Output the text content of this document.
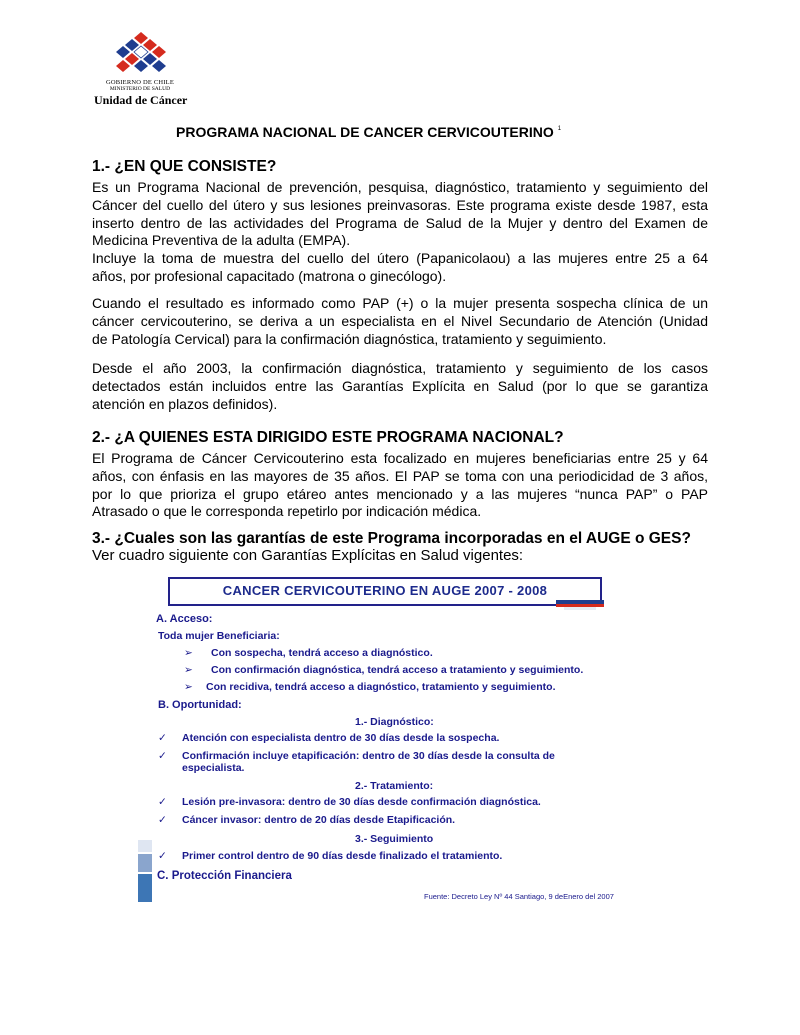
GOBIERNO DE CHILE
MINISTERIO DE SALUD
Unidad de Cáncer
PROGRAMA NACIONAL DE CANCER CERVICOUTERINO $^1$
1.- ¿EN QUE CONSISTE?
Es un Programa Nacional de prevención, pesquisa, diagnóstico, tratamiento y seguimiento del
Cáncer del cuello del útero y sus lesiones preinvasoras. Este programa existe desde 1987, esta
inserto dentro de las actividades del Programa de Salud de la Mujer y dentro del Examen de
Medicina Preventiva de la adulta (EMPA).
Incluye la toma de muestra del cuello del útero (Papanicolaou) a las mujeres entre 25 a 64
años, por profesional capacitado (matrona o ginecólogo).
Cuando el resultado es informado como PAP (+) o la mujer presenta sospecha clínica de un
cáncer cervicouterino, se deriva a un especialista en el Nivel Secundario de Atención (Unidad
de Patología Cervical) para la confirmación diagnóstica, tratamiento y seguimiento.
Desde el año 2003, la confirmación diagnóstica, tratamiento y seguimiento de los casos
detectados están incluidos entre las Garantías Explícita en Salud (por lo que se garantiza
atención en plazos definidos).
2.- ¿A QUIENES ESTA DIRIGIDO ESTE PROGRAMA NACIONAL?
El Programa de Cáncer Cervicouterino esta focalizado en mujeres beneficiarias entre 25 y 64
años, con énfasis en las mayores de 35 años. El PAP se toma con una periodicidad de 3 años,
por lo que prioriza el grupo etáreo antes mencionado y a las mujeres “nunca PAP” o PAP
Atrasado o que le corresponda repetirlo por indicación médica.
3.- ¿Cuales son las garantías de este Programa incorporadas en el AUGE o GES?
Ver cuadro siguiente con Garantías Explícitas en Salud vigentes:
CANCER CERVICOUTERINO EN AUGE 2007 - 2008
A. Acceso:
Toda mujer Beneficiaria:
➢ Con sospecha, tendrá acceso a diagnóstico.
➢ Con confirmación diagnóstica, tendrá acceso a tratamiento y seguimiento.
➢ Con recidiva, tendrá acceso a diagnóstico, tratamiento y seguimiento.
B. Oportunidad:
1.- Diagnóstico:
✓ Atención con especialista dentro de 30 días desde la sospecha.
✓ Confirmación incluye etapificación: dentro de 30 días desde la consulta de
especialista.
2.- Tratamiento:
✓ Lesión pre-invasora: dentro de 30 días desde confirmación diagnóstica.
✓ Cáncer invasor: dentro de 20 días desde Etapificación.
3.- Seguimiento
✓ Primer control dentro de 90 días desde finalizado el tratamiento.
C. Protección Financiera
Fuente: Decreto Ley Nº 44 Santiago, 9 deEnero del 2007
